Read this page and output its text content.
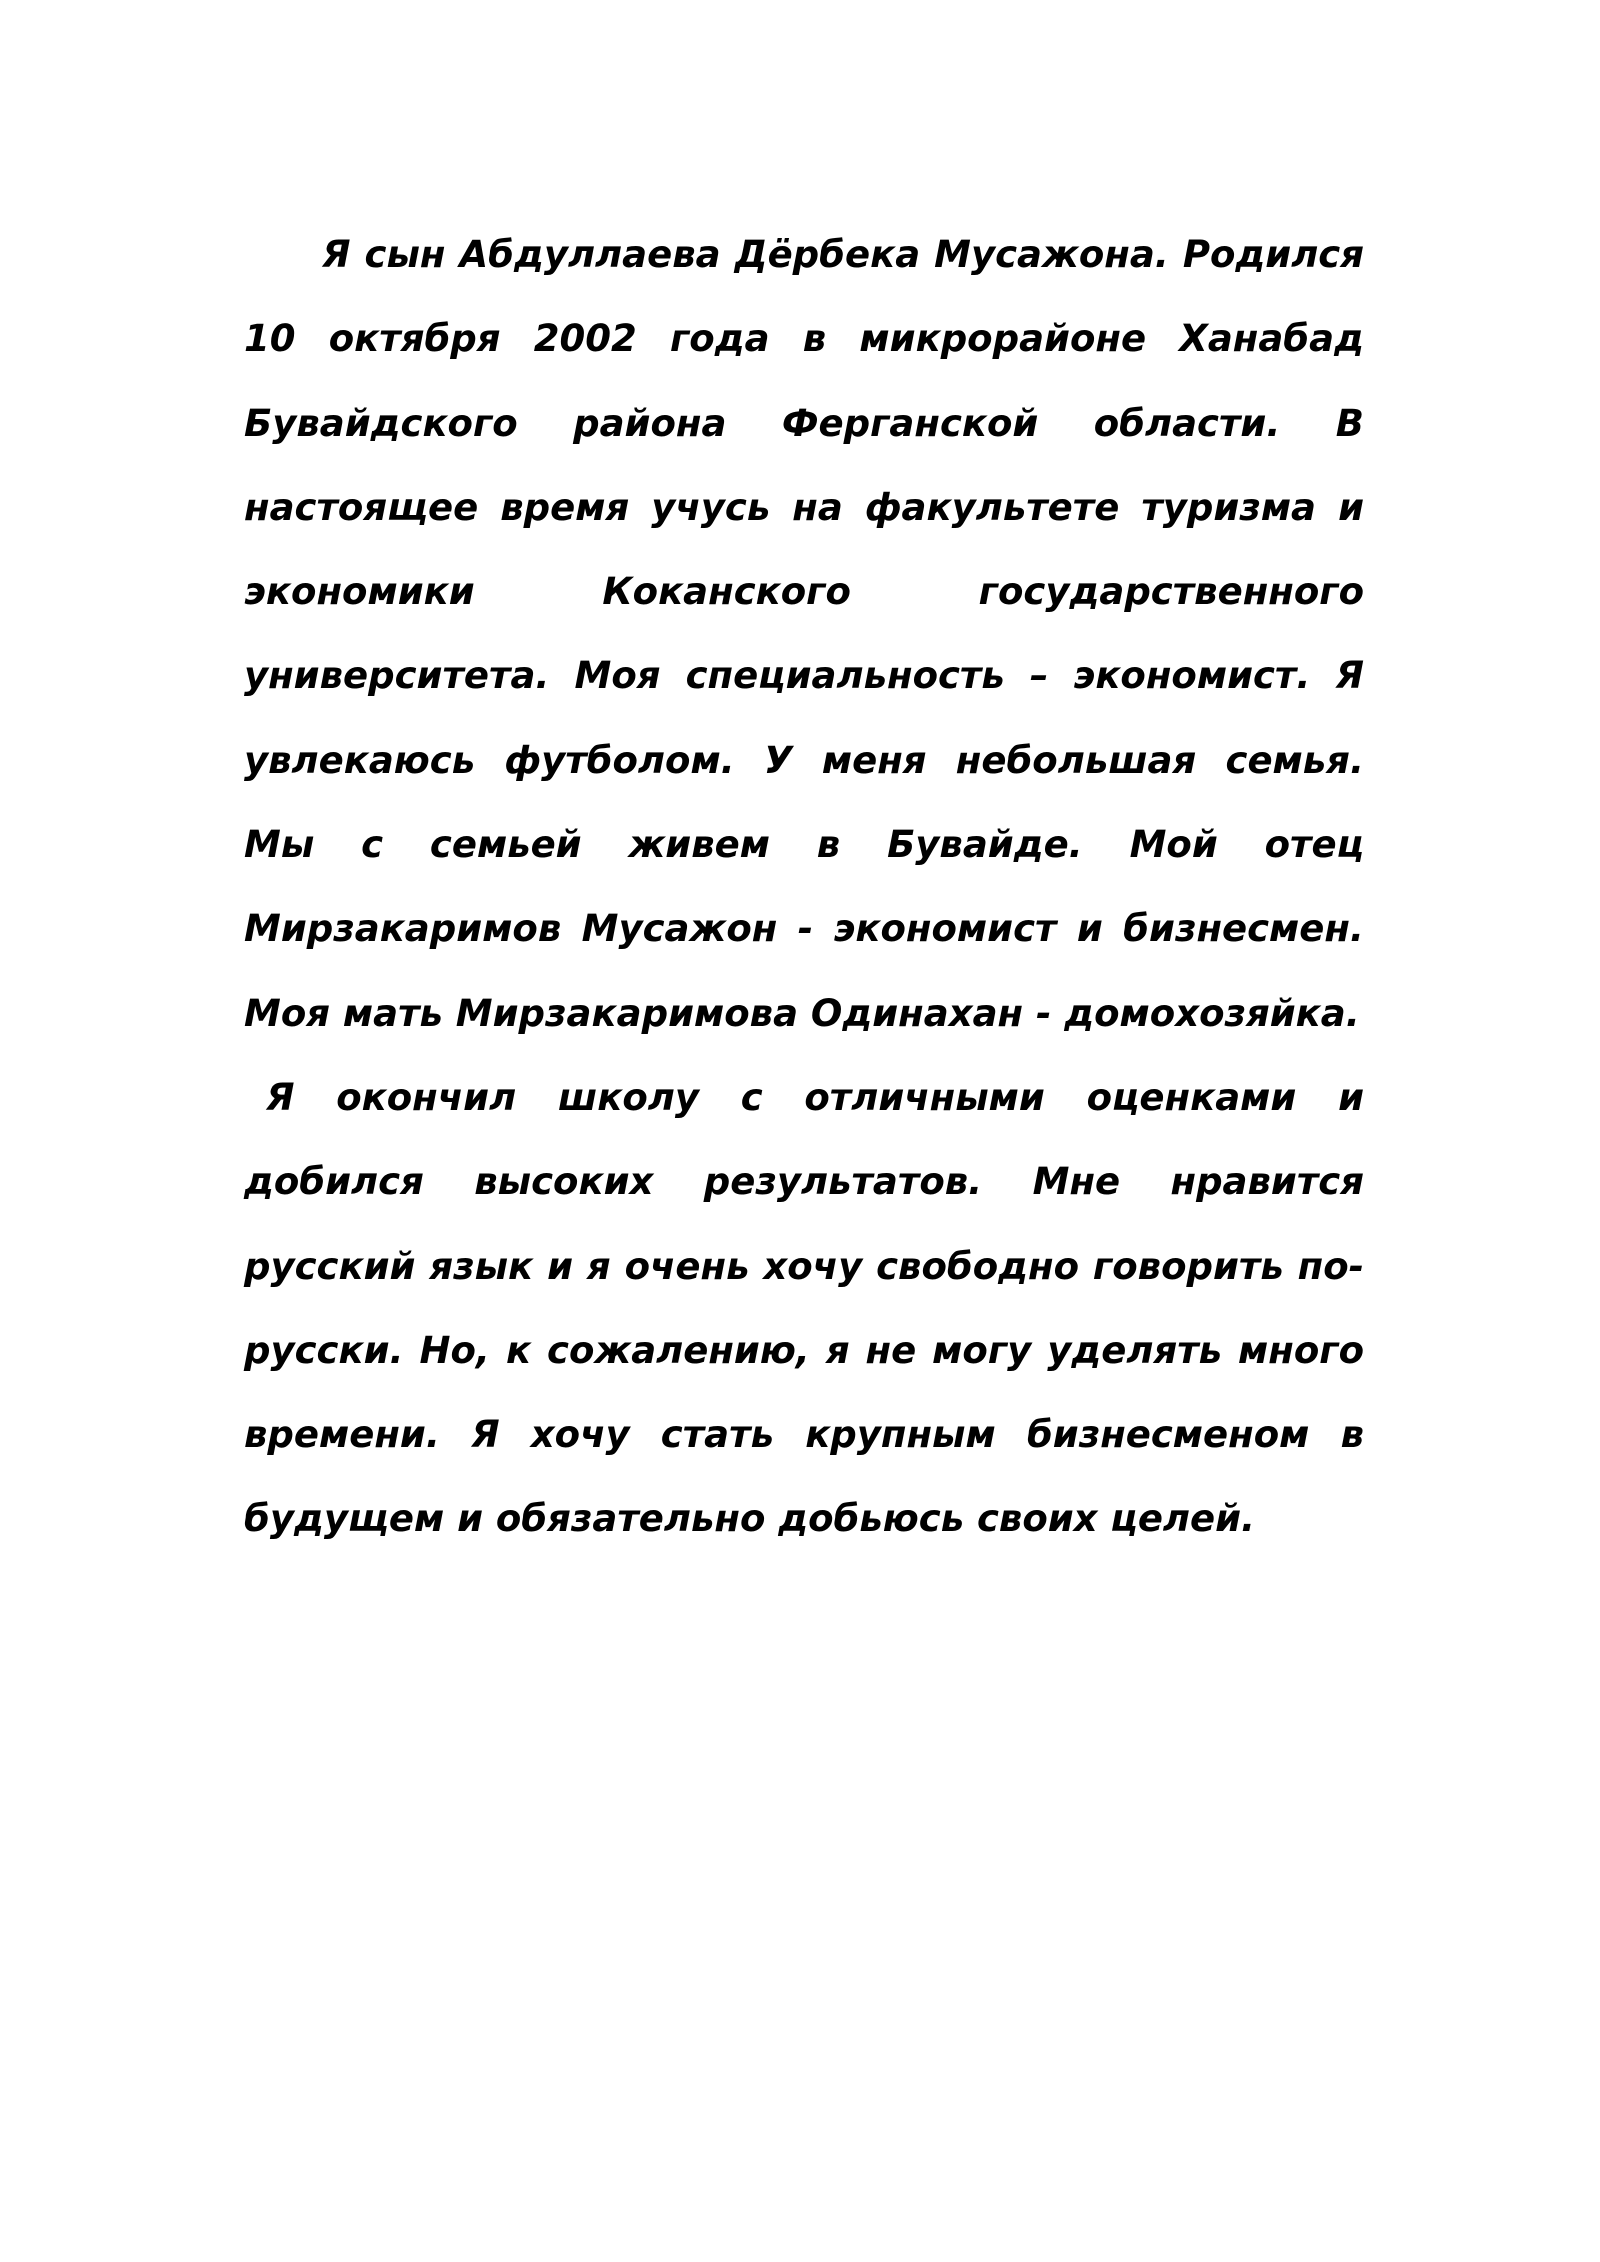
Я сын Абдуллаева Дёрбека Мусажона. Родился 10 октября 2002 года в микрорайоне Ханабад Бувайдского района Ферганской области. В настоящее время учусь на факультете туризма и экономики Коканского государственного университета. Моя специальность – экономист. Я увлекаюсь футболом. У меня небольшая семья. Мы с семьей живем в Бувайде. Мой отец Мирзакаримов Мусажон - экономист и бизнесмен. Моя мать Мирзакаримова Одинахан - домохозяйка.

Я окончил школу с отличными оценками и добился высоких результатов. Мне нравится русский язык и я очень хочу свободно говорить по-русски. Но, к сожалению, я не могу уделять много времени. Я хочу стать крупным бизнесменом в будущем и обязательно добьюсь своих целей.
